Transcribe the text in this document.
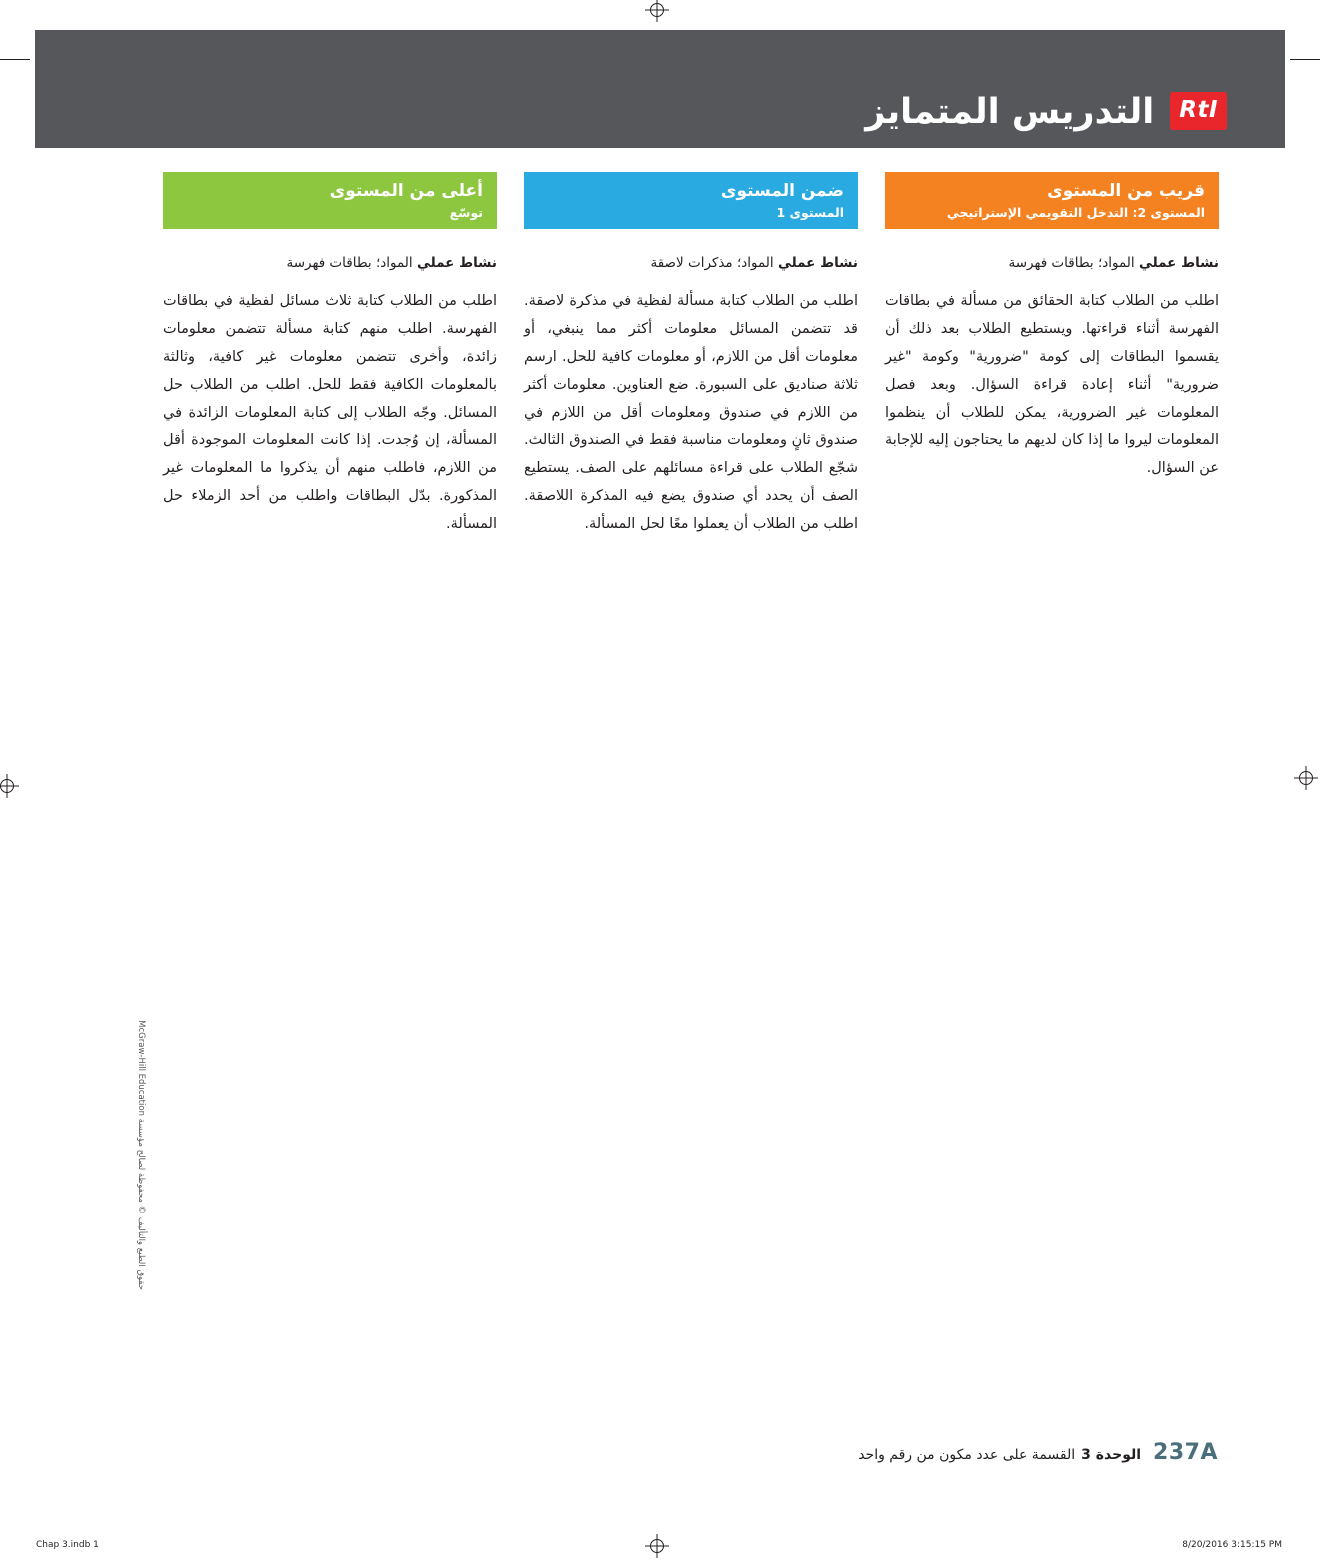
RtI
التدريس المتمايز
قريب من المستوى
المستوى 2: التدخل التقويمي الإستراتيجي
نشاط عملي المواد؛ بطاقات فهرسة
اطلب من الطلاب كتابة الحقائق من مسألة في بطاقات الفهرسة أثناء قراءتها. ويستطيع الطلاب بعد ذلك أن يقسموا البطاقات إلى كومة "ضرورية" وكومة "غير ضرورية" أثناء إعادة قراءة السؤال. وبعد فصل المعلومات غير الضرورية، يمكن للطلاب أن ينظموا المعلومات ليروا ما إذا كان لديهم ما يحتاجون إليه للإجابة عن السؤال.
ضمن المستوى
المستوى 1
نشاط عملي المواد؛ مذكرات لاصقة
اطلب من الطلاب كتابة مسألة لفظية في مذكرة لاصقة. قد تتضمن المسائل معلومات أكثر مما ينبغي، أو معلومات أقل من اللازم، أو معلومات كافية للحل. ارسم ثلاثة صناديق على السبورة. ضع العناوين. معلومات أكثر من اللازم في صندوق ومعلومات أقل من اللازم في صندوق ثانٍ ومعلومات مناسبة فقط في الصندوق الثالث. شجّع الطلاب على قراءة مسائلهم على الصف. يستطيع الصف أن يحدد أي صندوق يضع فيه المذكرة اللاصقة. اطلب من الطلاب أن يعملوا معًا لحل المسألة.
أعلى من المستوى
توسّع
نشاط عملي المواد؛ بطاقات فهرسة
اطلب من الطلاب كتابة ثلاث مسائل لفظية في بطاقات الفهرسة. اطلب منهم كتابة مسألة تتضمن معلومات زائدة، وأخرى تتضمن معلومات غير كافية، وثالثة بالمعلومات الكافية فقط للحل. اطلب من الطلاب حل المسائل. وجّه الطلاب إلى كتابة المعلومات الزائدة في المسألة، إن وُجدت. إذا كانت المعلومات الموجودة أقل من اللازم، فاطلب منهم أن يذكروا ما المعلومات غير المذكورة. بدّل البطاقات واطلب من أحد الزملاء حل المسألة.
237A
الوحدة 3
القسمة على عدد مكون من رقم واحد
حقوق الطبع والتأليف © محفوظة لصالح مؤسسة McGraw-Hill Education
Chap 3.indb 1	8/20/2016 3:15:15 PM
